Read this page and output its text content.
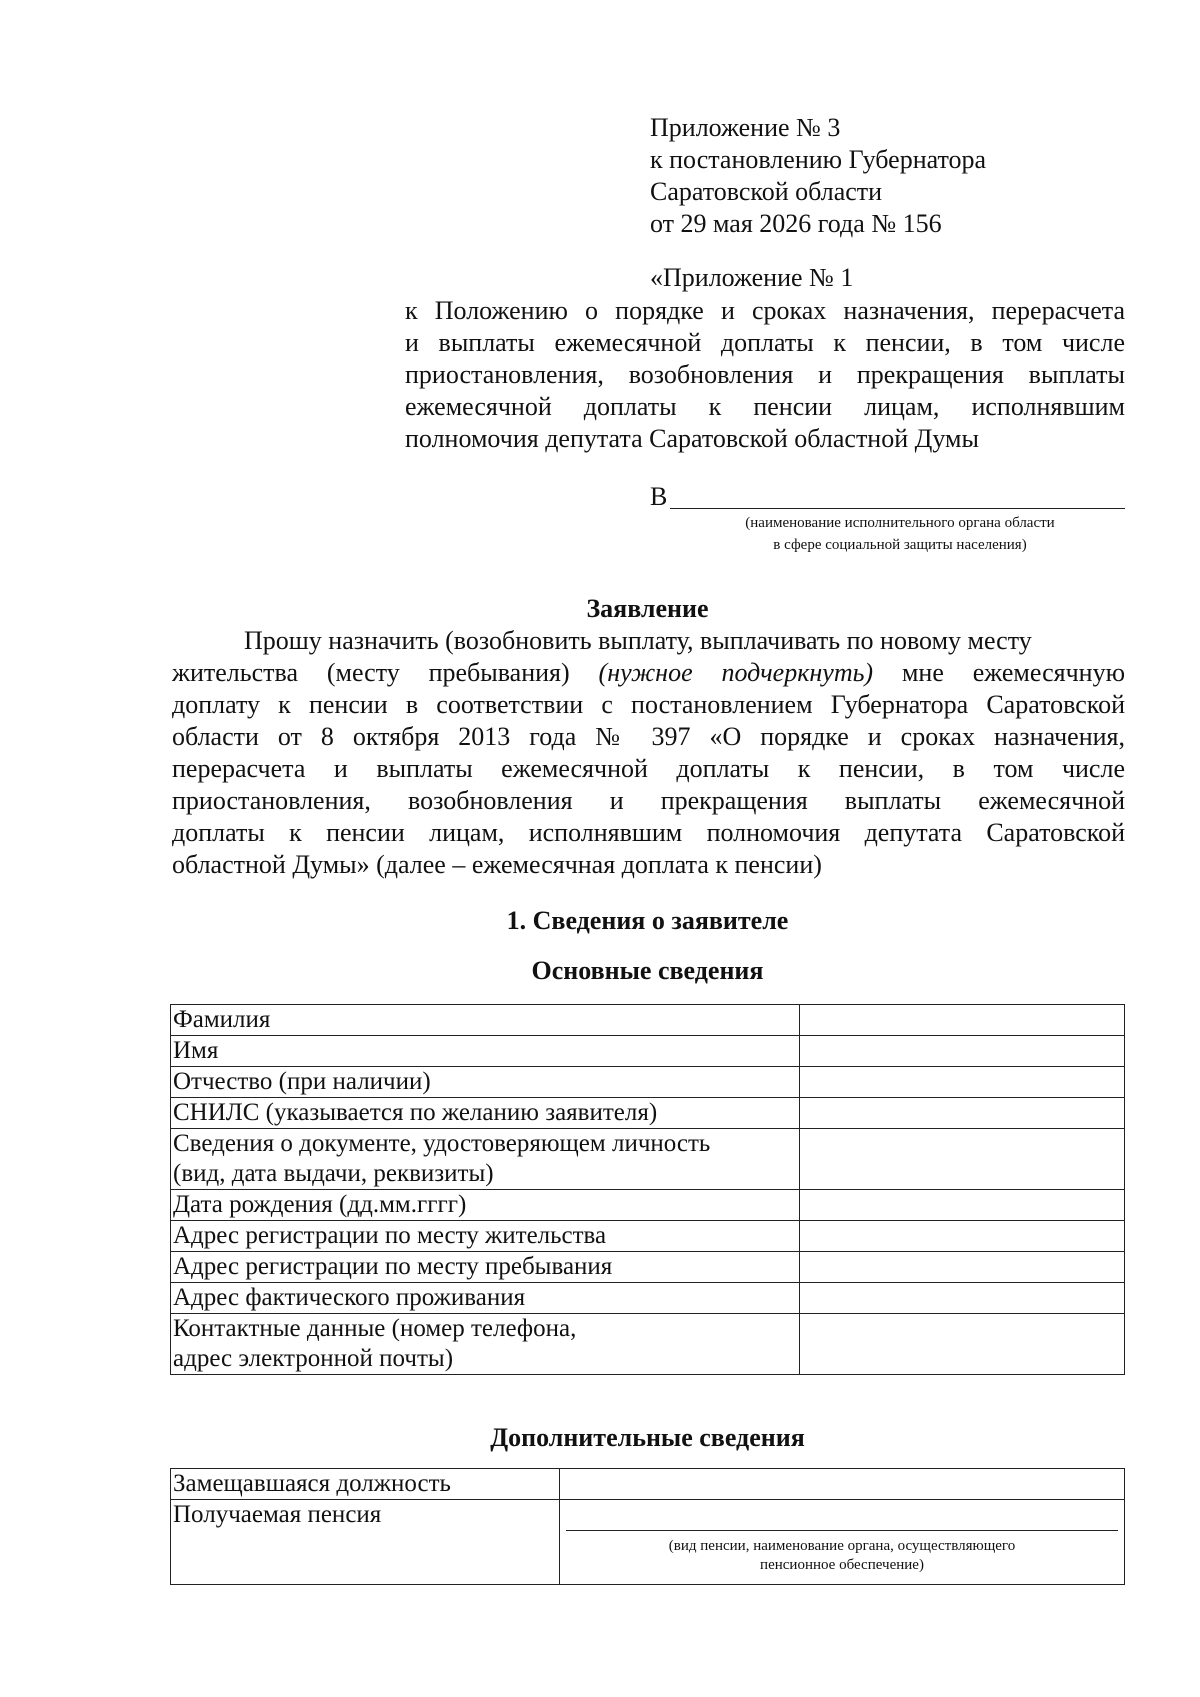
Приложение № 3
к постановлению Губернатора
Саратовской области
от 29 мая 2026 года № 156
«Приложение № 1
к Положению о порядке и сроках назначения, перерасчета
и выплаты ежемесячной доплаты к пенсии, в том числе
приостановления, возобновления и прекращения выплаты
ежемесячной доплаты к пенсии лицам, исполнявшим
полномочия депутата Саратовской областной Думы
В
(наименование исполнительного органа области
в сфере социальной защиты населения)
Заявление
Прошу назначить (возобновить выплату, выплачивать по новому месту
жительства (месту пребывания) (нужное подчеркнуть) мне ежемесячную
доплату к пенсии в соответствии с постановлением Губернатора Саратовской
области от 8 октября 2013 года № 397 «О порядке и сроках назначения,
перерасчета и выплаты ежемесячной доплаты к пенсии, в том числе
приостановления, возобновления и прекращения выплаты ежемесячной
доплаты к пенсии лицам, исполнявшим полномочия депутата Саратовской
областной Думы» (далее – ежемесячная доплата к пенсии)
1. Сведения о заявителе
Основные сведения
Фамилия	
Имя	
Отчество (при наличии)	
СНИЛС (указывается по желанию заявителя)	

Сведения о документе, удостоверяющем личность
(вид, дата выдачи, реквизиты)	

Дата рождения (дд.мм.гггг)	
Адрес регистрации по месту жительства	
Адрес регистрации по месту пребывания	
Адрес фактического проживания	

Контактные данные (номер телефона,
адрес электронной почты)	

Дополнительные сведения
Замещавшаяся должность	
Получаемая пенсия	(вид пенсии, наименование органа, осуществляющего
пенсионное обеспечение)
